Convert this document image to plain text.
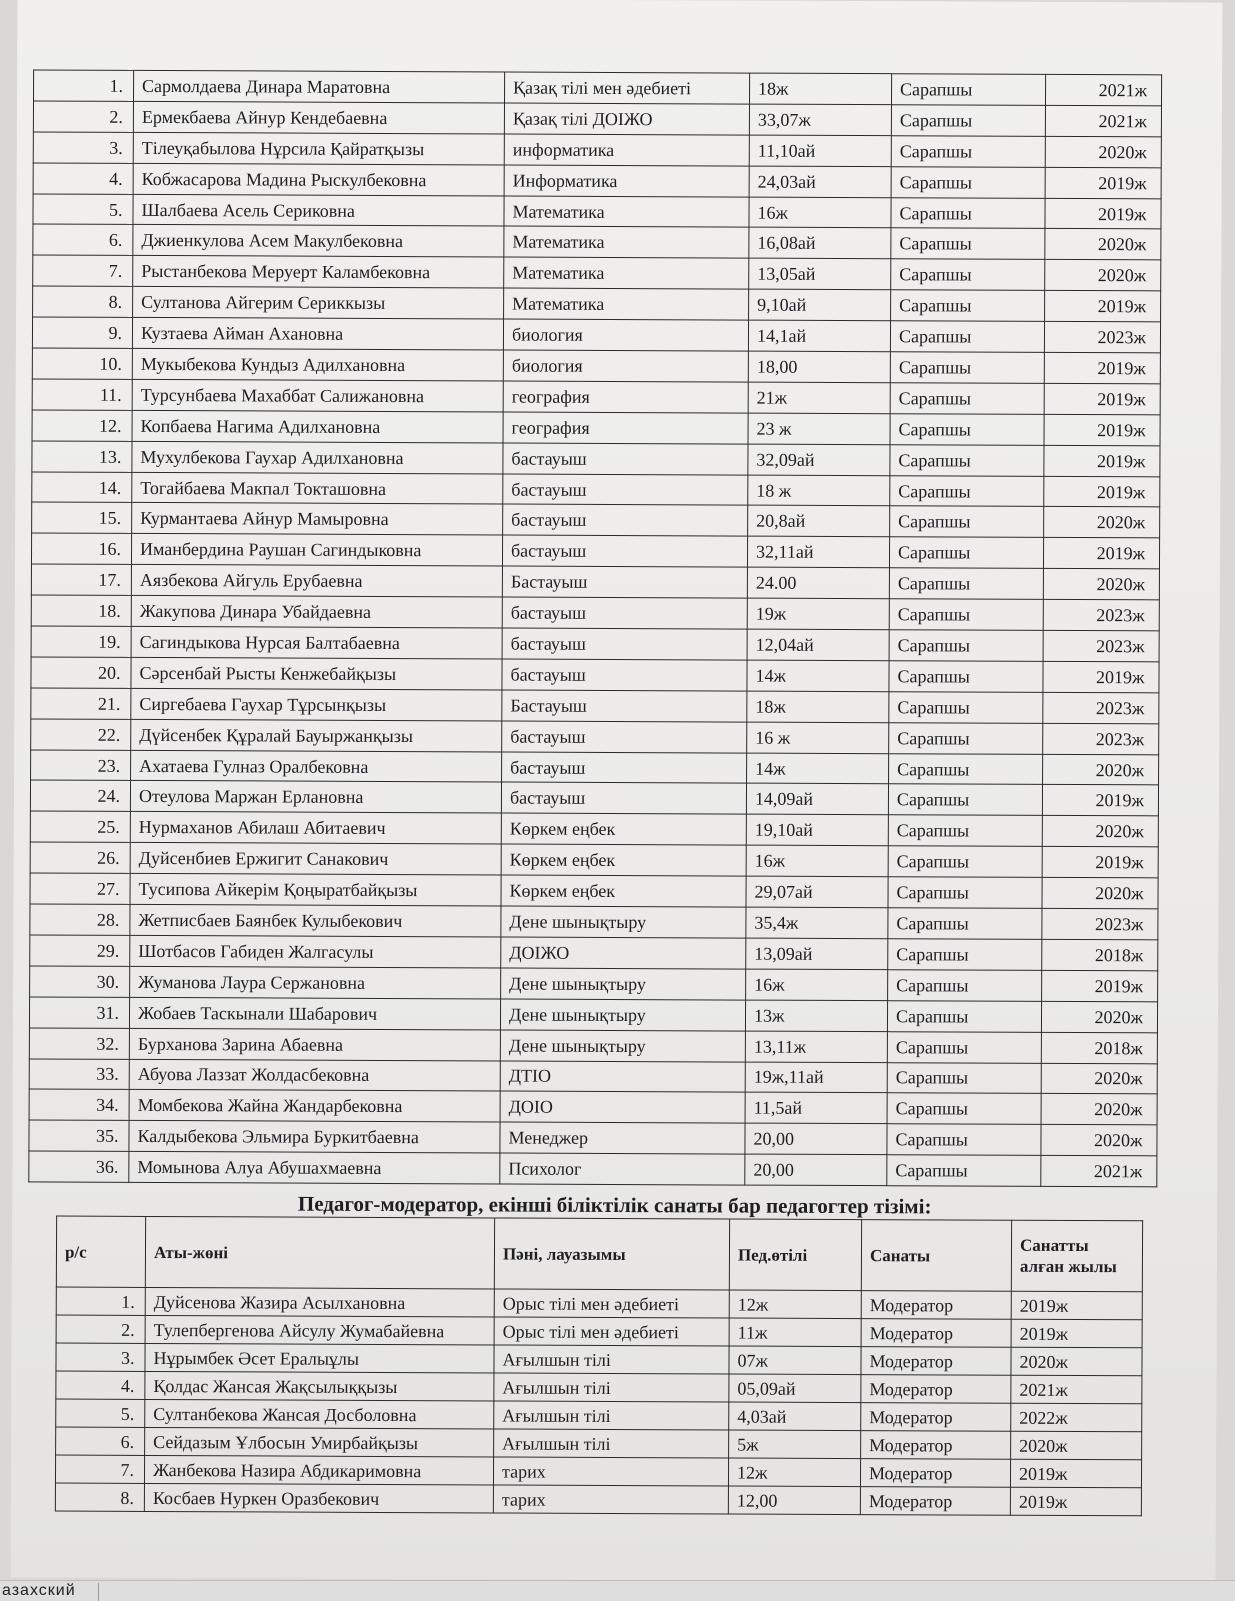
1.	Сармолдаева Динара Маратовна	Қазақ тілі мен әдебиеті	18ж	Сарапшы	2021ж
2.	Ермекбаева Айнур Кендебаевна	Қазақ тілі ДОІЖО	33,07ж	Сарапшы	2021ж
3.	Тілеуқабылова Нұрсила Қайратқызы	информатика	11,10ай	Сарапшы	2020ж
4.	Кобжасарова Мадина Рыскулбековна	Информатика	24,03ай	Сарапшы	2019ж
5.	Шалбаева Асель Сериковна	Математика	16ж	Сарапшы	2019ж
6.	Джиенкулова Асем Макулбековна	Математика	16,08ай	Сарапшы	2020ж
7.	Рыстанбекова Меруерт Каламбековна	Математика	13,05ай	Сарапшы	2020ж
8.	Султанова Айгерим Сериккызы	Математика	9,10ай	Сарапшы	2019ж
9.	Кузтаева Айман Ахановна	биология	14,1ай	Сарапшы	2023ж
10.	Мукыбекова Кундыз Адилхановна	биология	18,00	Сарапшы	2019ж
11.	Турсунбаева Махаббат Салижановна	география	21ж	Сарапшы	2019ж
12.	Копбаева Нагима Адилхановна	география	23 ж	Сарапшы	2019ж
13.	Мухулбекова Гаухар Адилхановна	бастауыш	32,09ай	Сарапшы	2019ж
14.	Тогайбаева Макпал Токташовна	бастауыш	18 ж	Сарапшы	2019ж
15.	Курмантаева Айнур Мамыровна	бастауыш	20,8ай	Сарапшы	2020ж
16.	Иманбердина Раушан Сагиндыковна	бастауыш	32,11ай	Сарапшы	2019ж
17.	Аязбекова Айгуль Ерубаевна	Бастауыш	24.00	Сарапшы	2020ж
18.	Жакупова Динара Убайдаевна	бастауыш	19ж	Сарапшы	2023ж
19.	Сагиндыкова Нурсая Балтабаевна	бастауыш	12,04ай	Сарапшы	2023ж
20.	Сәрсенбай Рысты Кенжебайқызы	бастауыш	14ж	Сарапшы	2019ж
21.	Сиргебаева Гаухар Тұрсынқызы	Бастауыш	18ж	Сарапшы	2023ж
22.	Дүйсенбек Құралай Бауыржанқызы	бастауыш	16 ж	Сарапшы	2023ж
23.	Ахатаева Гулназ Оралбековна	бастауыш	14ж	Сарапшы	2020ж
24.	Отеулова Маржан Ерлановна	бастауыш	14,09ай	Сарапшы	2019ж
25.	Нурмаханов Абилаш Абитаевич	Көркем еңбек	19,10ай	Сарапшы	2020ж
26.	Дуйсенбиев Ержигит Санакович	Көркем еңбек	16ж	Сарапшы	2019ж
27.	Тусипова Айкерім Қоңыратбайқызы	Көркем еңбек	29,07ай	Сарапшы	2020ж
28.	Жетписбаев Баянбек Кулыбекович	Дене шынықтыру	35,4ж	Сарапшы	2023ж
29.	Шотбасов Габиден Жалгасулы	ДОІЖО	13,09ай	Сарапшы	2018ж
30.	Жуманова Лаура Сержановна	Дене шынықтыру	16ж	Сарапшы	2019ж
31.	Жобаев Таскынали Шабарович	Дене шынықтыру	13ж	Сарапшы	2020ж
32.	Бурханова Зарина Абаевна	Дене шынықтыру	13,11ж	Сарапшы	2018ж
33.	Абуова Лаззат Жолдасбековна	ДТІО	19ж,11ай	Сарапшы	2020ж
34.	Момбекова Жайна Жандарбековна	ДОІО	11,5ай	Сарапшы	2020ж
35.	Калдыбекова Эльмира Буркитбаевна	Менеджер	20,00	Сарапшы	2020ж
36.	Момынова Алуа Абушахмаевна	Психолог	20,00	Сарапшы	2021ж
Педагог-модератор, екінші біліктілік санаты бар педагогтер тізімі:
р/с	Аты-жөні	Пәні, лауазымы	Пед.өтілі	Санаты	Санатты алған жылы
1.	Дуйсенова Жазира Асылхановна	Орыс тілі мен әдебиеті	12ж	Модератор	2019ж
2.	Тулепбергенова Айсулу Жумабайевна	Орыс тілі мен әдебиеті	11ж	Модератор	2019ж
3.	Нұрымбек Әсет Ералыұлы	Ағылшын тілі	07ж	Модератор	2020ж
4.	Қолдас Жансая Жақсылыққызы	Ағылшын тілі	05,09ай	Модератор	2021ж
5.	Султанбекова Жансая Досболовна	Ағылшын тілі	4,03ай	Модератор	2022ж
6.	Сейдазым Ұлбосын Умирбайқызы	Ағылшын тілі	5ж	Модератор	2020ж
7.	Жанбекова Назира Абдикаримовна	тарих	12ж	Модератор	2019ж
8.	Косбаев Нуркен Оразбекович	тарих	12,00	Модератор	2019ж
азахский
